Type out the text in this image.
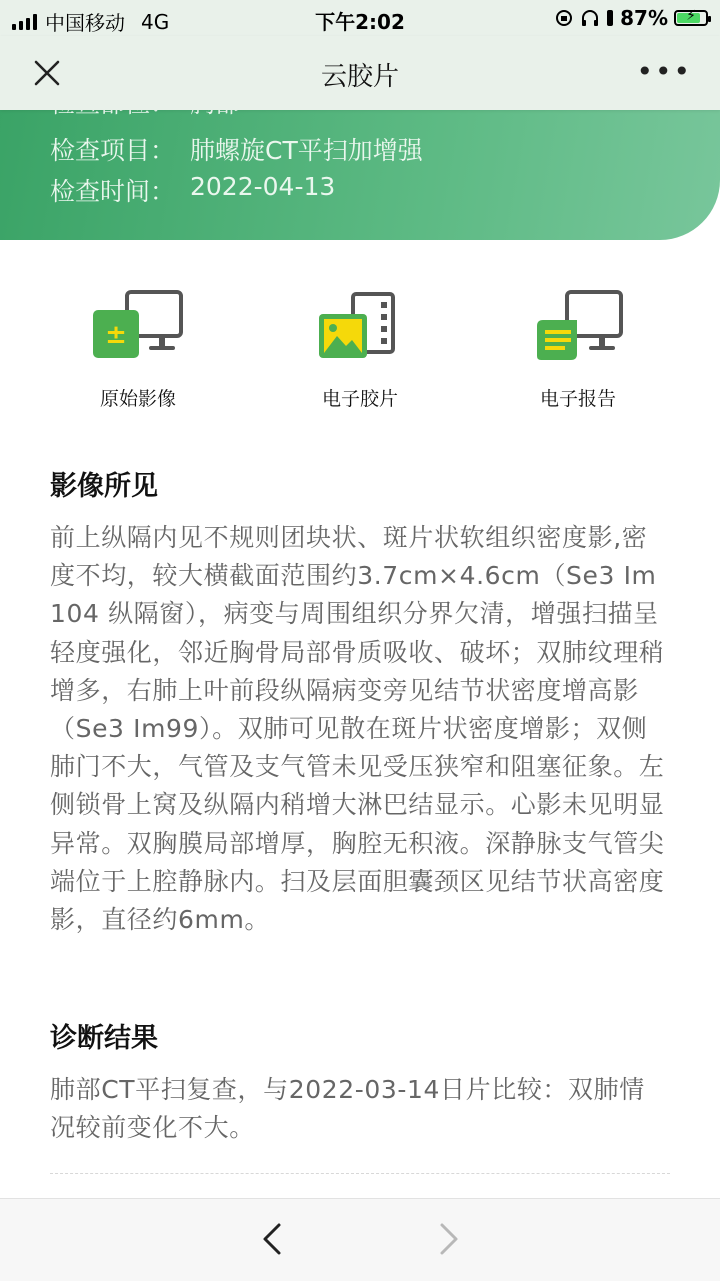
中国移动 4G	下午2:02	87%	⚡
云胶片	•••
检查项目： 肺螺旋CT平扫加增强
检查时间： 2022-04-13
±
原始影像	电子胶片	电子报告
影像所见
前上纵隔内见不规则团块状、斑片状软组织密度影,密度不均，较大横截面范围约3.7cm×4.6cm（Se3 Im104 纵隔窗），病变与周围组织分界欠清，增强扫描呈轻度强化，邻近胸骨局部骨质吸收、破坏；双肺纹理稍增多，右肺上叶前段纵隔病变旁见结节状密度增高影（Se3 Im99）。双肺可见散在斑片状密度增影；双侧肺门不大，气管及支气管未见受压狭窄和阻塞征象。左侧锁骨上窝及纵隔内稍增大淋巴结显示。心影未见明显异常。双胸膜局部增厚，胸腔无积液。深静脉支气管尖端位于上腔静脉内。扫及层面胆囊颈区见结节状高密度影，直径约6mm。
诊断结果
肺部CT平扫复查，与2022-03-14日片比较：双肺情况较前变化不大。
